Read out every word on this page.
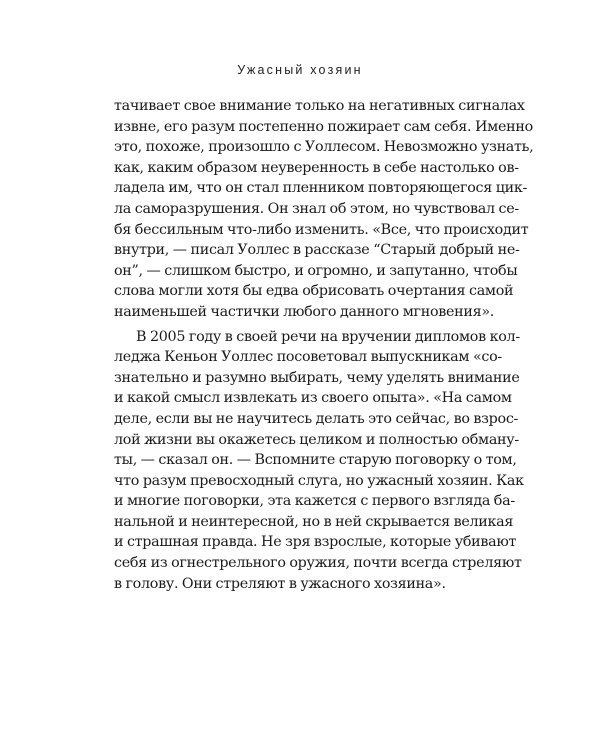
Ужасный хозяин
тачивает свое внимание только на негативных сигналах
извне, его разум постепенно пожирает сам себя. Именно
это, похоже, произошло с Уоллесом. Невозможно узнать,
как, каким образом неуверенность в себе настолько ов-
ладела им, что он стал пленником повторяющегося цик-
ла саморазрушения. Он знал об этом, но чувствовал се-
бя бессильным что-либо изменить. «Все, что происходит
внутри, — писал Уоллес в рассказе “Старый добрый не-
он”, — слишком быстро, и огромно, и запутанно, чтобы
слова могли хотя бы едва обрисовать очертания самой
наименьшей частички любого данного мгновения».
В 2005 году в своей речи на вручении дипломов кол-
леджа Кеньон Уоллес посоветовал выпускникам «со-
знательно и разумно выбирать, чему уделять внимание
и какой смысл извлекать из своего опыта». «На самом
деле, если вы не научитесь делать это сейчас, во взрос-
лой жизни вы окажетесь целиком и полностью обману-
ты, — сказал он. — Вспомните старую поговорку о том,
что разум превосходный слуга, но ужасный хозяин. Как
и многие поговорки, эта кажется с первого взгляда ба-
нальной и неинтересной, но в ней скрывается великая
и страшная правда. Не зря взрослые, которые убивают
себя из огнестрельного оружия, почти всегда стреляют
в голову. Они стреляют в ужасного хозяина».
